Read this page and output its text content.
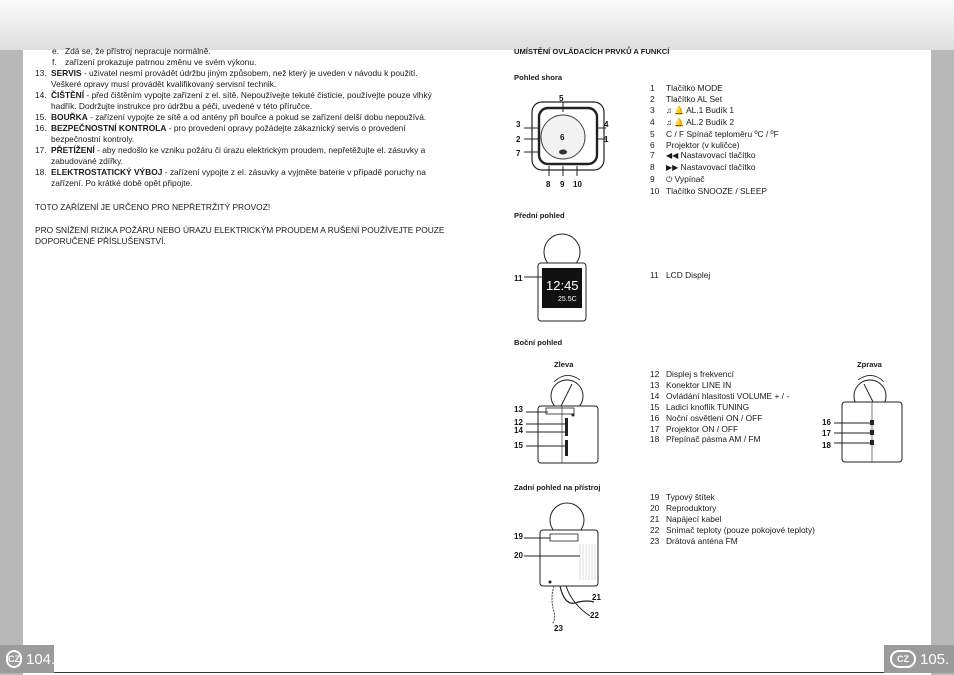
e. Zdá se, že přístroj nepracuje normálně.
f. zařízení prokazuje patrnou změnu ve svém výkonu.
13. SERVIS - uživatel nesmí provádět údržbu jiným způsobem, než který je uveden v návodu k použití. Veškeré opravy musí provádět kvalifikovaný servisní technik.
14. ČIŠTĚNÍ - před čištěním vypojte zařízení z el. sítě. Nepoužívejte tekuté čisticie, používejte pouze vlhký hadřík. Dodržujte instrukce pro údržbu a péči, uvedené v této příručce.
15. BOUŘKA - zařízení vypojte ze sítě a od antény při bouřce a pokud se zařízení delší dobu nepoužívá.
16. BEZPEČNOSTNÍ KONTROLA - pro provedení opravy požádejte zákaznický servis o provedení bezpečnostní kontroly.
17. PŘETÍŽENÍ - aby nedošlo ke vzniku požáru či úrazu elektrickým proudem, nepřetěžujte el. zásuvky a zabudované zdířky.
18. ELEKTROSTATICKÝ VÝBOJ - zařízení vypojte z el. zásuvky a vyjměte baterie v případě poruchy na zařízení. Po krátké době opět připojte.
TOTO ZAŘÍZENÍ JE URČENO PRO NEPŘETRŽITÝ PROVOZ!
PRO SNÍŽENÍ RIZIKA POŽÁRU NEBO ÚRAZU ELEKTRICKÝM PROUDEM A RUŠENÍ POUŽÍVEJTE POUZE DOPORUČENÉ PŘÍSLUŠENSTVÍ.
CZ 104.	CZ 105.
UMÍSTĚNÍ OVLÁDACÍCH PRVKŮ A FUNKCÍ
Pohled shora
Přední pohled
Boční pohled
Zleva	Zprava
Zadní pohled na přístroj
1 Tlačítko MODE
2 Tlačítko AL Set
3 ♫ 🔔 AL.1 Budík 1
4 ♫ 🔔 AL.2 Budík 2
5 C / F Spínač teploměru ºC / ºF
6 Projektor (v kuličce)
7 ◀◀ Nastavovací tlačítko
8 ▶▶ Nastavovací tlačítko
9 ⏻ Vypínač
10 Tlačítko SNOOZE / SLEEP
11 LCD Displej
12 Displej s frekvencí
13 Konektor LINE IN
14 Ovládání hlasitosti VOLUME + / -
15 Ladicí knoflík TUNING
16 Noční osvětlení ON / OFF
17 Projektor ON / OFF
18 Přepínač pásma AM / FM
19 Typový štítek
20 Reproduktory
21 Napájecí kabel
22 Snímač teploty (pouze pokojové teploty)
23 Drátová anténa FM
5
3
2
7
4
1
6
8 9 10
12:45
25.5C
11
13
12
14
15
16
17
18
19
20
21
22
23
